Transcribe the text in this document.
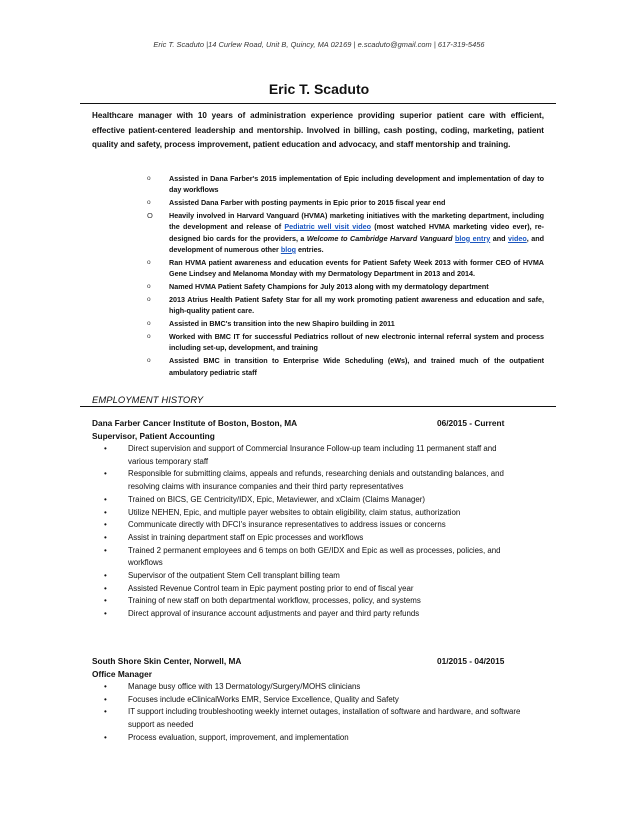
Eric T. Scaduto |14 Curlew Road, Unit B, Quincy, MA 02169 | e.scaduto@gmail.com | 617-319-5456
Eric T. Scaduto
Healthcare manager with 10 years of administration experience providing superior patient care with efficient, effective patient-centered leadership and mentorship. Involved in billing, cash posting, coding, marketing, patient quality and safety, process improvement, patient education and advocacy, and staff mentorship and training.
o	Assisted in Dana Farber's 2015 implementation of Epic including development and implementation of day to day workflows
o	Assisted Dana Farber with posting payments in Epic prior to 2015 fiscal year end
O Heavily involved in Harvard Vanguard (HVMA) marketing initiatives with the marketing department, including the development and release of Pediatric well visit video (most watched HVMA marketing video ever), re-designed bio cards for the providers, a Welcome to Cambridge Harvard Vanguard blog entry and video, and development of numerous other blog entries.
o	Ran HVMA patient awareness and education events for Patient Safety Week 2013 with former CEO of HVMA Gene Lindsey and Melanoma Monday with my Dermatology Department in 2013 and 2014.
o	Named HVMA Patient Safety Champions for July 2013 along with my dermatology department
o	2013 Atrius Health Patient Safety Star for all my work promoting patient awareness and education and safe, high-quality patient care.
o	Assisted in BMC's transition into the new Shapiro building in 2011
o	Worked with BMC IT for successful Pediatrics rollout of new electronic internal referral system and process including set-up, development, and training
o	Assisted BMC in transition to Enterprise Wide Scheduling (eWs), and trained much of the outpatient ambulatory pediatric staff
EMPLOYMENT HISTORY
Dana Farber Cancer Institute of Boston, Boston, MA	06/2015 - Current
Supervisor, Patient Accounting
•	Direct supervision and support of Commercial Insurance Follow-up team including 11 permanent staff and various temporary staff
•	Responsible for submitting claims, appeals and refunds, researching denials and outstanding balances, and resolving claims with insurance companies and their third party representatives
•	Trained on BICS, GE Centricity/IDX, Epic, Metaviewer, and xClaim (Claims Manager)
•	Utilize NEHEN, Epic, and multiple payer websites to obtain eligibility, claim status, authorization
•	Communicate directly with DFCI's insurance representatives to address issues or concerns
•	Assist in training department staff on Epic processes and workflows
•	Trained 2 permanent employees and 6 temps on both GE/IDX and Epic as well as processes, policies, and workflows
•	Supervisor of the outpatient Stem Cell transplant billing team
•	Assisted Revenue Control team in Epic payment posting prior to end of fiscal year
•	Training of new staff on both departmental workflow, processes, policy, and systems
•	Direct approval of insurance account adjustments and payer and third party refunds
South Shore Skin Center, Norwell, MA	01/2015 - 04/2015
Office Manager
•	Manage busy office with 13 Dermatology/Surgery/MOHS clinicians
•	Focuses include eClinicalWorks EMR, Service Excellence, Quality and Safety
•	IT support including troubleshooting weekly internet outages, installation of software and hardware, and software support as needed
•	Process evaluation, support, improvement, and implementation
